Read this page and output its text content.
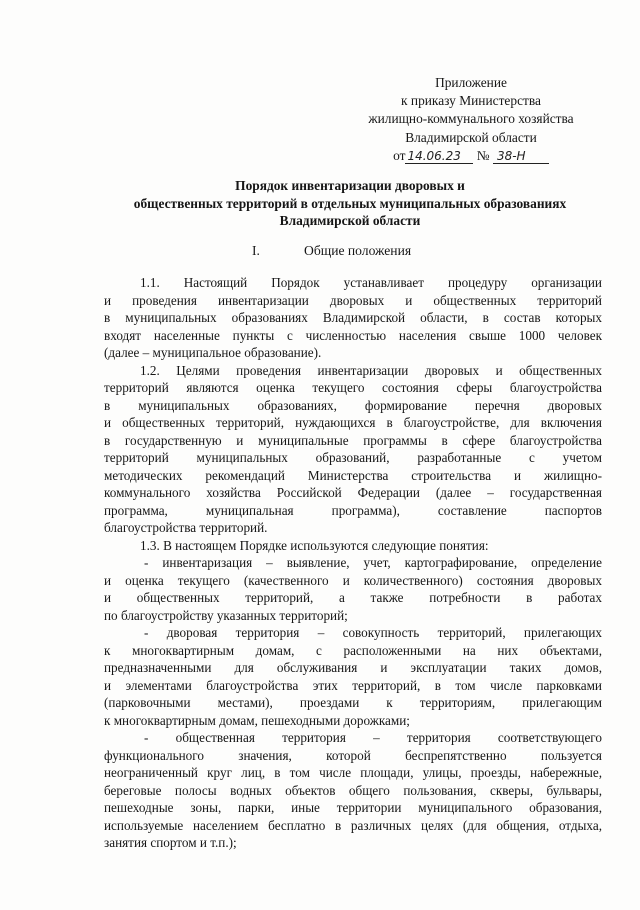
Приложение
к приказу Министерства
жилищно-коммунального хозяйства
Владимирской области
от 14.06.23 № 38-Н
Порядок инвентаризации дворовых и
общественных территорий в отдельных муниципальных образованиях
Владимирской области
I.	Общие положения
1.1. Настоящий Порядок устанавливает процедуру организации
и проведения инвентаризации дворовых и общественных территорий
в муниципальных образованиях Владимирской области, в состав которых
входят населенные пункты с численностью населения свыше 1000 человек
(далее – муниципальное образование).
1.2. Целями проведения инвентаризации дворовых и общественных
территорий являются оценка текущего состояния сферы благоустройства
в муниципальных образованиях, формирование перечня дворовых
и общественных территорий, нуждающихся в благоустройстве, для включения
в государственную и муниципальные программы в сфере благоустройства
территорий муниципальных образований, разработанные с учетом
методических рекомендаций Министерства строительства и жилищно-
коммунального хозяйства Российской Федерации (далее – государственная
программа, муниципальная программа), составление паспортов
благоустройства территорий.
1.3. В настоящем Порядке используются следующие понятия:
- инвентаризация – выявление, учет, картографирование, определение
и оценка текущего (качественного и количественного) состояния дворовых
и общественных территорий, а также потребности в работах
по благоустройству указанных территорий;
- дворовая территория – совокупность территорий, прилегающих
к многоквартирным домам, с расположенными на них объектами,
предназначенными для обслуживания и эксплуатации таких домов,
и элементами благоустройства этих территорий, в том числе парковками
(парковочными местами), проездами к территориям, прилегающим
к многоквартирным домам, пешеходными дорожками;
- общественная территория – территория соответствующего
функционального значения, которой беспрепятственно пользуется
неограниченный круг лиц, в том числе площади, улицы, проезды, набережные,
береговые полосы водных объектов общего пользования, скверы, бульвары,
пешеходные зоны, парки, иные территории муниципального образования,
используемые населением бесплатно в различных целях (для общения, отдыха,
занятия спортом и т.п.);
